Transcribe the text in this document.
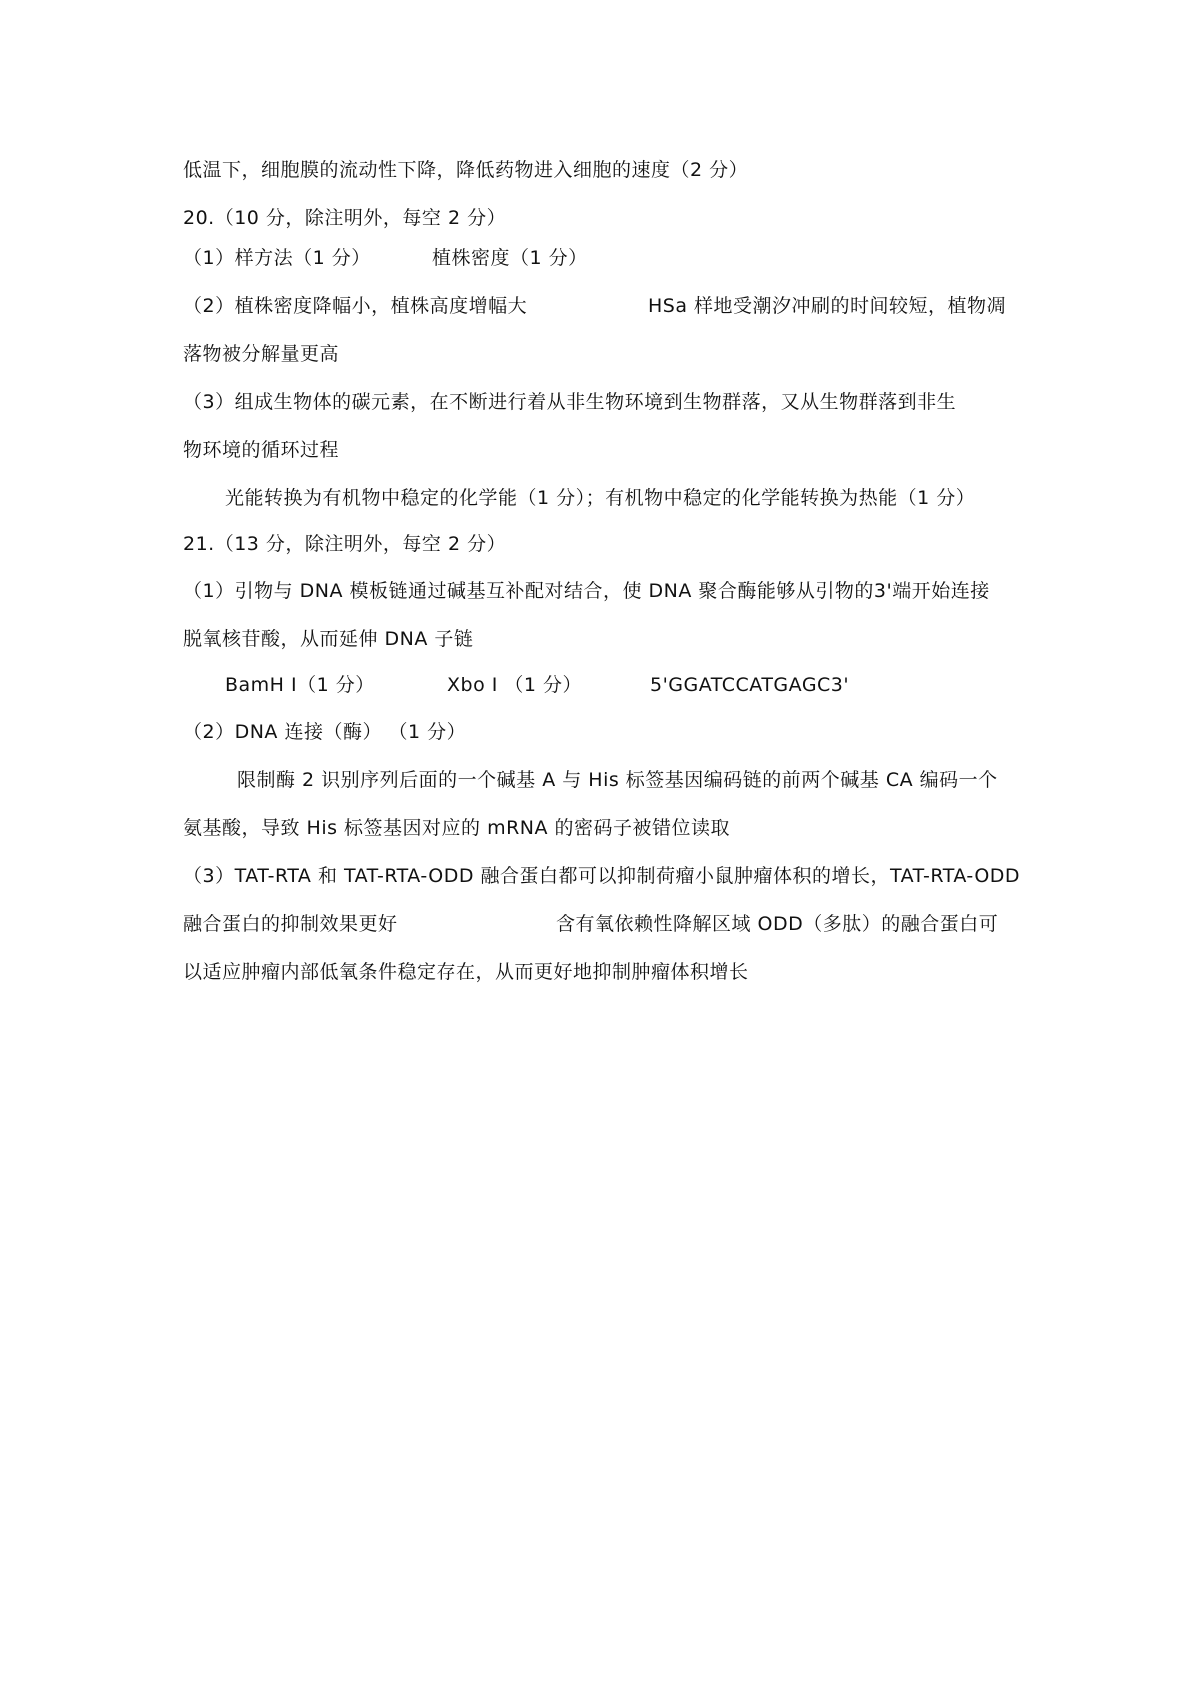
低温下，细胞膜的流动性下降，降低药物进入细胞的速度（2 分）
20.（10 分，除注明外，每空 2 分）
（1）样方法（1 分）	植株密度（1 分）
（2）植株密度降幅小，植株高度增幅大	HSa 样地受潮汐冲刷的时间较短，植物凋
落物被分解量更高
（3）组成生物体的碳元素，在不断进行着从非生物环境到生物群落，又从生物群落到非生
物环境的循环过程
光能转换为有机物中稳定的化学能（1 分）；有机物中稳定的化学能转换为热能（1 分）
21.（13 分，除注明外，每空 2 分）
（1）引物与 DNA 模板链通过碱基互补配对结合，使 DNA 聚合酶能够从引物的3'端开始连接
脱氧核苷酸，从而延伸 DNA 子链
BamH Ⅰ（1 分）	Xbo Ⅰ （1 分）	5'GGATCCATGAGC3'
（2）DNA 连接（酶） （1 分）
限制酶 2 识别序列后面的一个碱基 A 与 His 标签基因编码链的前两个碱基 CA 编码一个
氨基酸，导致 His 标签基因对应的 mRNA 的密码子被错位读取
（3）TAT-RTA 和 TAT-RTA-ODD 融合蛋白都可以抑制荷瘤小鼠肿瘤体积的增长，TAT-RTA-ODD
融合蛋白的抑制效果更好	含有氧依赖性降解区域 ODD（多肽）的融合蛋白可
以适应肿瘤内部低氧条件稳定存在，从而更好地抑制肿瘤体积增长
